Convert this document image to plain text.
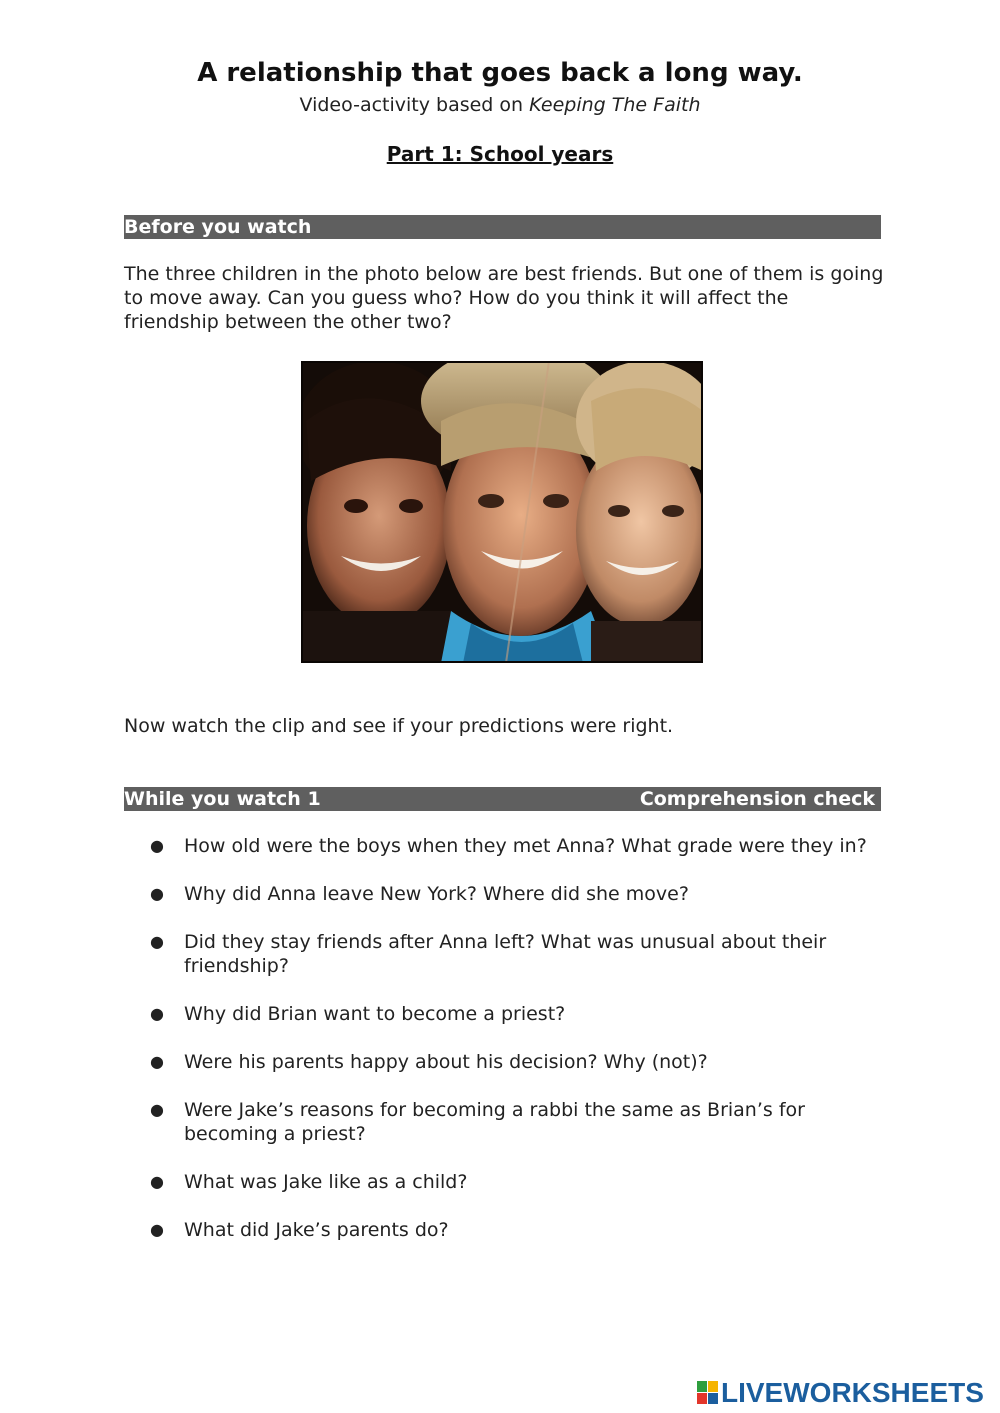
A relationship that goes back a long way.
Video-activity based on Keeping The Faith
Part 1: School years
Before you watch
The three children in the photo below are best friends. But one of them is going to move away. Can you guess who? How do you think it will affect the friendship between the other two?
Now watch the clip and see if your predictions were right.
While you watch 1	Comprehension check
● How old were the boys when they met Anna? What grade were they in?
● Why did Anna leave New York? Where did she move?
● Did they stay friends after Anna left? What was unusual about their friendship?
● Why did Brian want to become a priest?
● Were his parents happy about his decision? Why (not)?
● Were Jake’s reasons for becoming a rabbi the same as Brian’s for becoming a priest?
● What was Jake like as a child?
● What did Jake’s parents do?
LIVEWORKSHEETS
